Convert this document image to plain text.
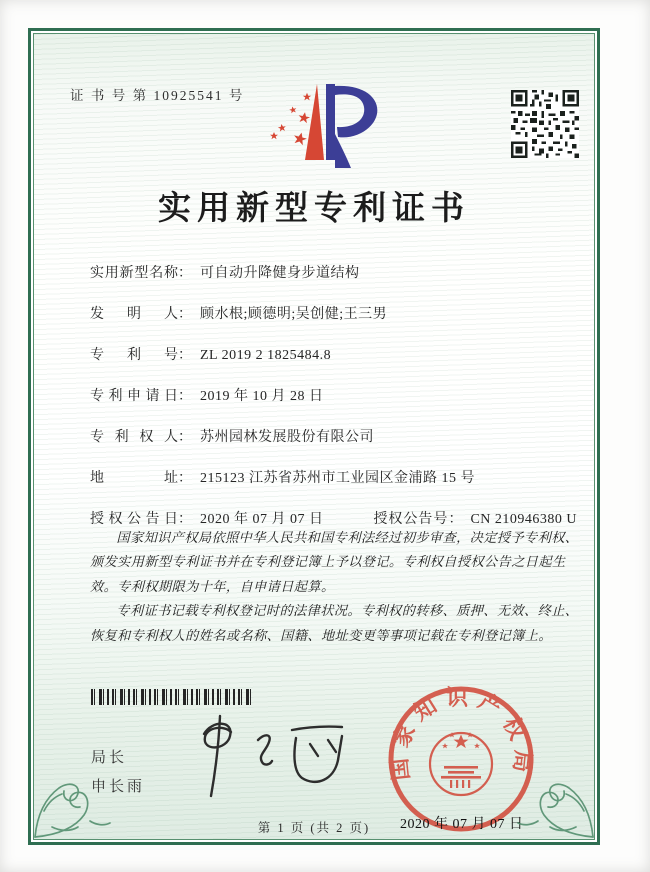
证 书 号 第 10925541 号
实用新型专利证书
实用新型名称 ： 可自动升降健身步道结构
发明人 ： 顾水根;顾德明;吴创健;王三男
专利号 ： ZL 2019 2 1825484.8
专利申请日 ： 2019 年 10 月 28 日
专利权人 ： 苏州园林发展股份有限公司
地址 ： 215123 江苏省苏州市工业园区金浦路 15 号
授权公告日 ： 2020 年 07 月 07 日	授权公告号 ： CN 210946380 U

国家知识产权局依照中华人民共和国专利法经过初步审查，决定授予专利权、颁发实用新型专利证书并在专利登记簿上予以登记。专利权自授权公告之日起生效。专利权期限为十年，自申请日起算。

专利证书记载专利权登记时的法律状况。专利权的转移、质押、无效、终止、恢复和专利权人的姓名或名称、国籍、地址变更等事项记载在专利登记簿上。

局长
申长雨
国家知识产权局
2020 年 07 月 07 日
第 1 页 (共 2 页)
